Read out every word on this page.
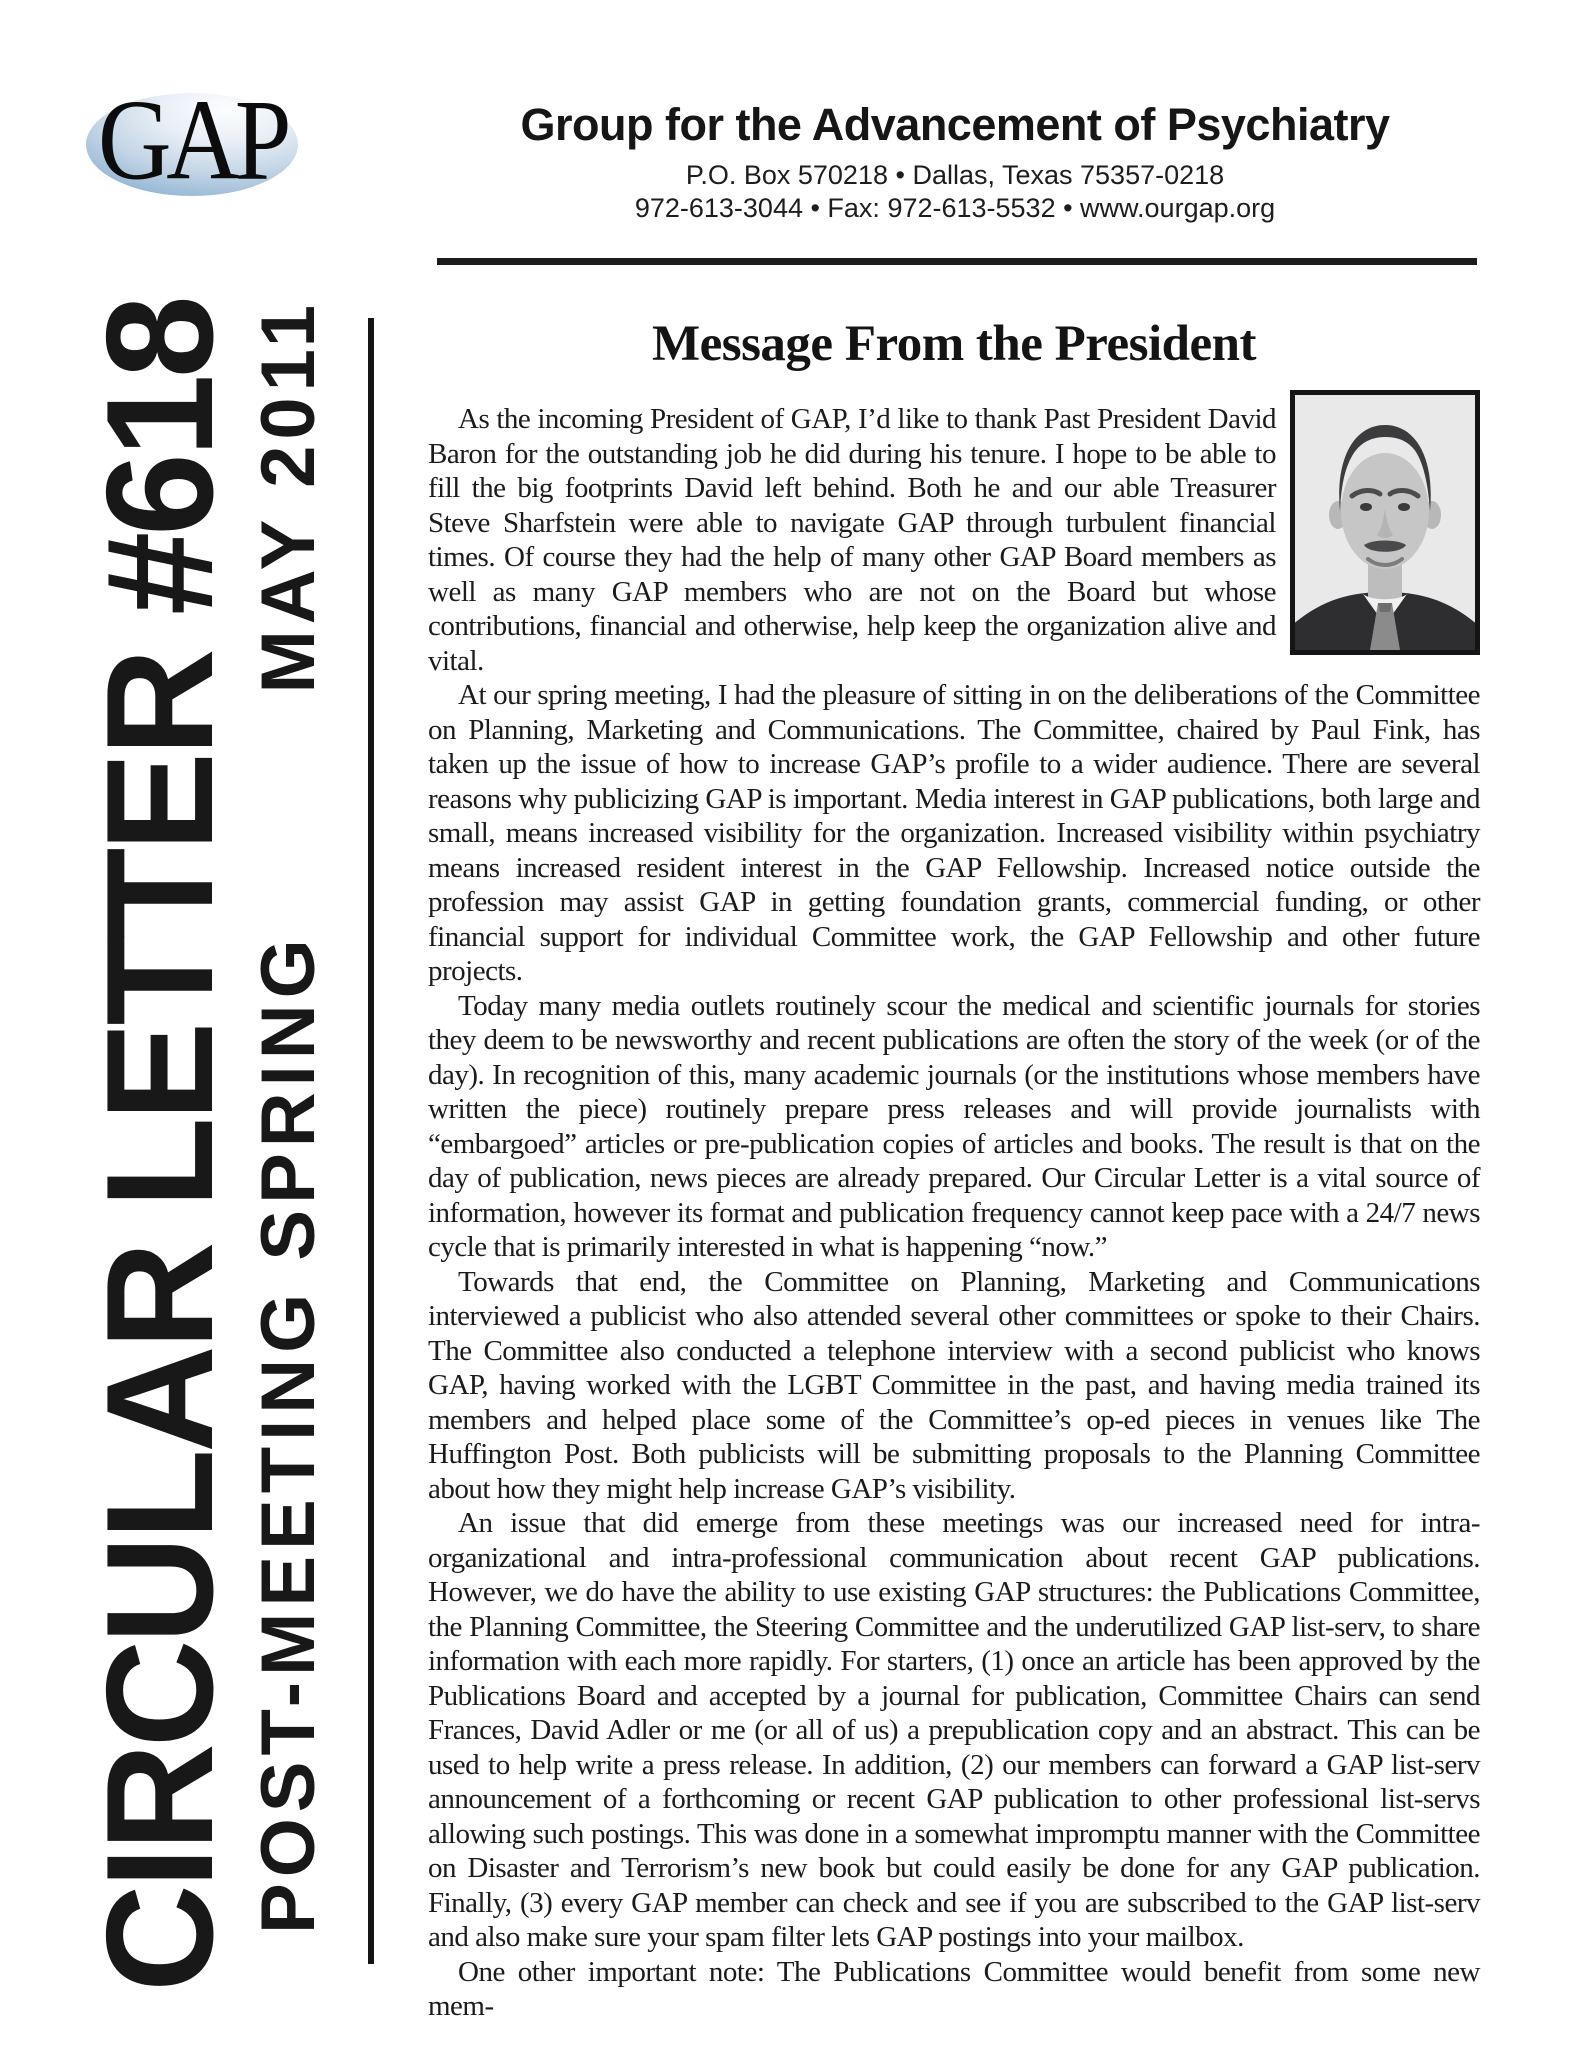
GAP	Group for the Advancement of Psychiatry
P.O. Box 570218 • Dallas, Texas 75357-0218
972-613-3044 • Fax: 972-613-5532 • www.ourgap.org
CIRCULAR LETTER #618 POST-MEETING SPRING
MAY 2011	Message From the President

As the incoming President of GAP, I’d like to thank Past President David Baron for the outstanding job he did during his tenure. I hope to be able to fill the big footprints David left behind. Both he and our able Treasurer Steve Sharfstein were able to navigate GAP through turbulent financial times. Of course they had the help of many other GAP Board members as well as many GAP members who are not on the Board but whose contributions, financial and otherwise, help keep the organization alive and vital.

At our spring meeting, I had the pleasure of sitting in on the deliberations of the Committee on Planning, Marketing and Communications. The Committee, chaired by Paul Fink, has taken up the issue of how to increase GAP’s profile to a wider audience. There are several reasons why publicizing GAP is important. Media interest in GAP publications, both large and small, means increased visibility for the organization. Increased visibility within psychiatry means increased resident interest in the GAP Fellowship. Increased notice outside the profession may assist GAP in getting foundation grants, commercial funding, or other financial support for individual Committee work, the GAP Fellowship and other future projects.

Today many media outlets routinely scour the medical and scientific journals for stories they deem to be newsworthy and recent publications are often the story of the week (or of the day). In recognition of this, many academic journals (or the institutions whose members have written the piece) routinely prepare press releases and will provide journalists with “embargoed” articles or pre-publication copies of articles and books. The result is that on the day of publication, news pieces are already prepared. Our Circular Letter is a vital source of information, however its format and publication frequency cannot keep pace with a 24/7 news cycle that is primarily interested in what is happening “now.”

Towards that end, the Committee on Planning, Marketing and Communications interviewed a publicist who also attended several other committees or spoke to their Chairs. The Committee also conducted a telephone interview with a second publicist who knows GAP, having worked with the LGBT Committee in the past, and having media trained its members and helped place some of the Committee’s op-ed pieces in venues like The Huffington Post. Both publicists will be submitting proposals to the Planning Committee about how they might help increase GAP’s visibility.

An issue that did emerge from these meetings was our increased need for intra-organizational and intra-professional communication about recent GAP publications. However, we do have the ability to use existing GAP structures: the Publications Committee, the Planning Committee, the Steering Committee and the underutilized GAP list-serv, to share information with each more rapidly. For starters, (1) once an article has been approved by the Publications Board and accepted by a journal for publication, Committee Chairs can send Frances, David Adler or me (or all of us) a prepublication copy and an abstract. This can be used to help write a press release. In addition, (2) our members can forward a GAP list-serv announcement of a forthcoming or recent GAP publication to other professional list-servs allowing such postings. This was done in a somewhat impromptu manner with the Committee on Disaster and Terrorism’s new book but could easily be done for any GAP publication. Finally, (3) every GAP member can check and see if you are subscribed to the GAP list-serv and also make sure your spam filter lets GAP postings into your mailbox.

One other important note: The Publications Committee would benefit from some new mem-
